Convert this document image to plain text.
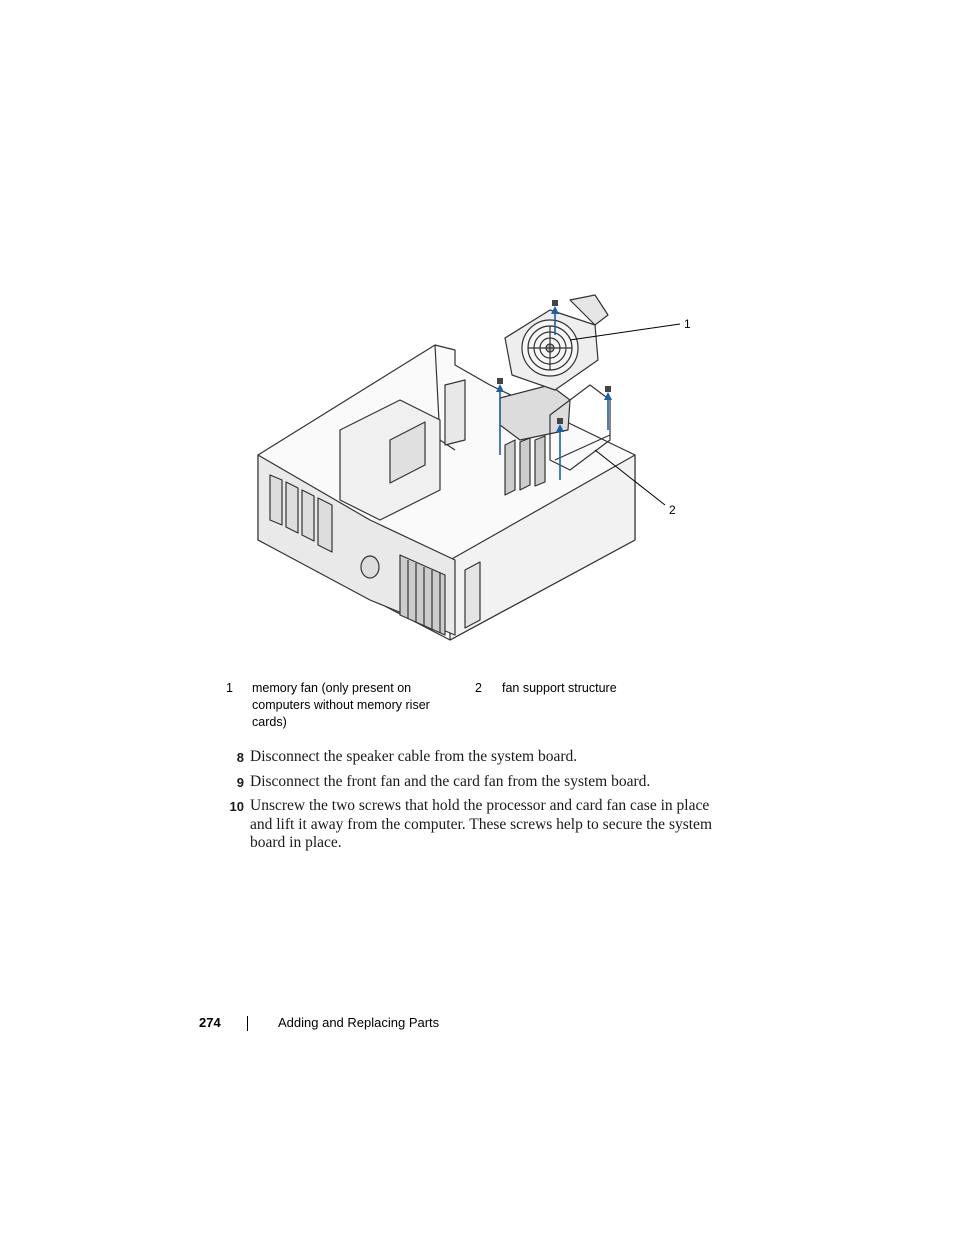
1
2
1 memory fan (only present on computers without memory riser cards)
2 fan support structure
8 Disconnect the speaker cable from the system board.
9 Disconnect the front fan and the card fan from the system board.
10 Unscrew the two screws that hold the processor and card fan case in place and lift it away from the computer. These screws help to secure the system board in place.
274	Adding and Replacing Parts
